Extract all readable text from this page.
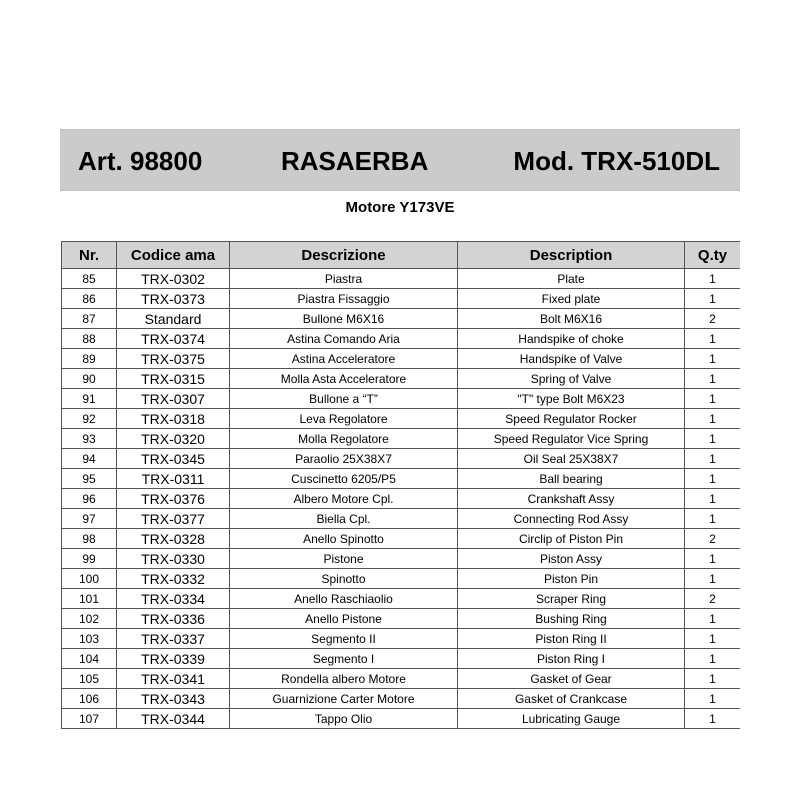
Art. 98800	RASAERBA	Mod. TRX-510DL
Motore Y173VE
Nr.	Codice ama	Descrizione	Description	Q.ty
85	TRX-0302	Piastra	Plate	1
86	TRX-0373	Piastra Fissaggio	Fixed plate	1
87	Standard	Bullone M6X16	Bolt M6X16	2
88	TRX-0374	Astina Comando Aria	Handspike of choke	1
89	TRX-0375	Astina Acceleratore	Handspike of Valve	1
90	TRX-0315	Molla Asta Acceleratore	Spring of Valve	1
91	TRX-0307	Bullone a “T”	"T" type Bolt M6X23	1
92	TRX-0318	Leva Regolatore	Speed Regulator Rocker	1
93	TRX-0320	Molla Regolatore	Speed Regulator Vice Spring	1
94	TRX-0345	Paraolio 25X38X7	Oil Seal 25X38X7	1
95	TRX-0311	Cuscinetto 6205/P5	Ball bearing	1
96	TRX-0376	Albero Motore Cpl.	Crankshaft Assy	1
97	TRX-0377	Biella Cpl.	Connecting Rod Assy	1
98	TRX-0328	Anello Spinotto	Circlip of Piston Pin	2
99	TRX-0330	Pistone	Piston Assy	1
100	TRX-0332	Spinotto	Piston Pin	1
101	TRX-0334	Anello Raschiaolio	Scraper Ring	2
102	TRX-0336	Anello Pistone	Bushing Ring	1
103	TRX-0337	Segmento II	Piston Ring II	1
104	TRX-0339	Segmento I	Piston Ring I	1
105	TRX-0341	Rondella albero Motore	Gasket of Gear	1
106	TRX-0343	Guarnizione Carter Motore	Gasket of Crankcase	1
107	TRX-0344	Tappo Olio	Lubricating Gauge	1
